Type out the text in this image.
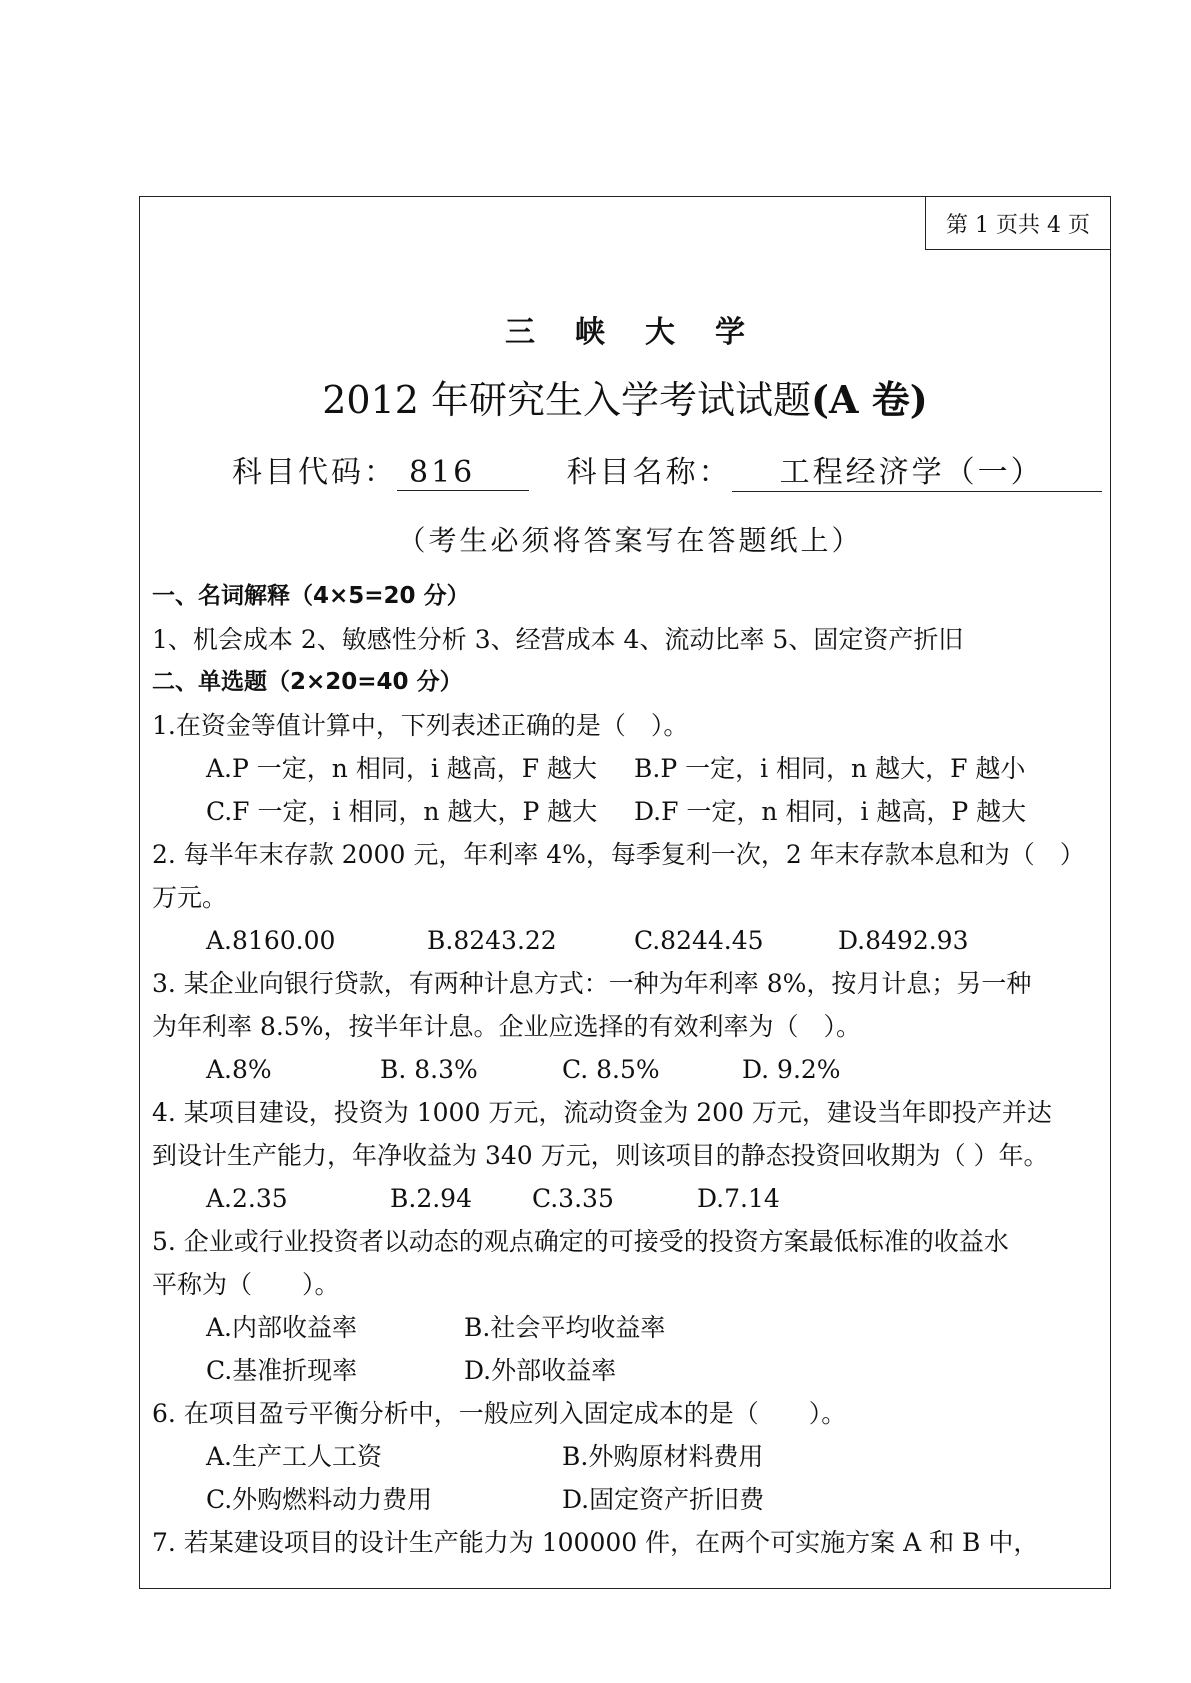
第 1 页共 4 页
三峡大学
2012 年研究生入学考试试题(A 卷)
科目代码： 816	科目名称： 工程经济学（一）
（考生必须将答案写在答题纸上）
一、名词解释（4×5=20 分）
1、机会成本 2、敏感性分析 3、经营成本 4、流动比率 5、固定资产折旧
二、单选题（2×20=40 分）
1.在资金等值计算中，下列表述正确的是（　）。
A.P 一定，n 相同，i 越高，F 越大 B.P 一定，i 相同，n 越大，F 越小
C.F 一定，i 相同，n 越大，P 越大 D.F 一定，n 相同，i 越高，P 越大
2. 每半年末存款 2000 元，年利率 4%，每季复利一次，2 年末存款本息和为（　）
万元。
A.8160.00	B.8243.22	C.8244.45	D.8492.93
3. 某企业向银行贷款，有两种计息方式：一种为年利率 8%，按月计息；另一种
为年利率 8.5%，按半年计息。企业应选择的有效利率为（　）。
A.8%	B. 8.3%	C. 8.5%	D. 9.2%
4. 某项目建设，投资为 1000 万元，流动资金为 200 万元，建设当年即投产并达
到设计生产能力，年净收益为 340 万元，则该项目的静态投资回收期为（ ）年。
A.2.35	B.2.94 C.3.35	D.7.14
5. 企业或行业投资者以动态的观点确定的可接受的投资方案最低标准的收益水
平称为（　　）。
A.内部收益率	B.社会平均收益率
C.基准折现率	D.外部收益率
6. 在项目盈亏平衡分析中，一般应列入固定成本的是（　　）。
A.生产工人工资	B.外购原材料费用
C.外购燃料动力费用	D.固定资产折旧费
7. 若某建设项目的设计生产能力为 100000 件，在两个可实施方案 A 和 B 中，
